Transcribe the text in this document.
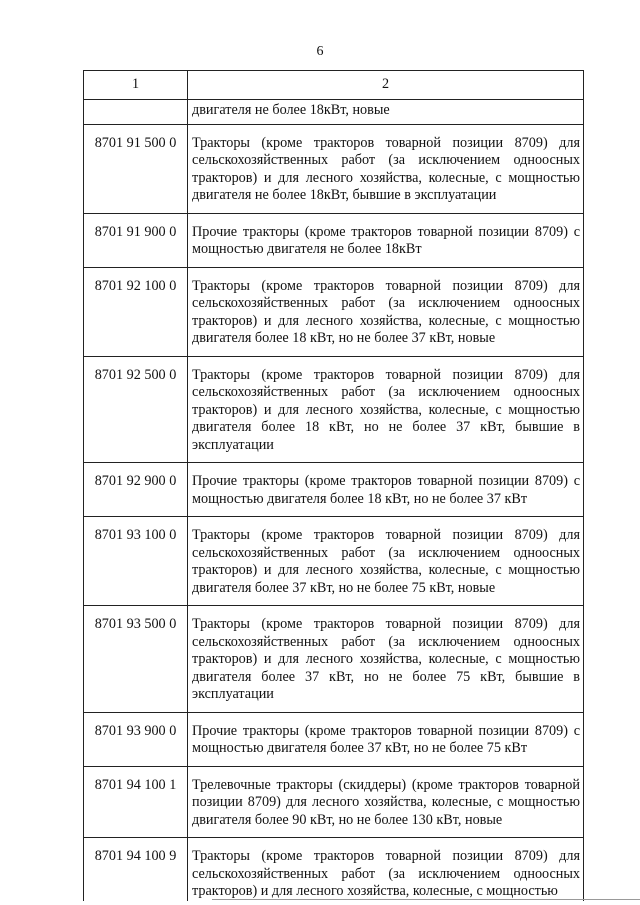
6
1	2
	двигателя не более 18кВт, новые
8701 91 500 0	Тракторы (кроме тракторов товарной позиции 8709) для сельскохозяйственных работ (за исключением одноосных тракторов) и для лесного хозяйства, колесные, с мощностью двигателя не более 18кВт, бывшие в эксплуатации
8701 91 900 0	Прочие тракторы (кроме тракторов товарной позиции 8709) с мощностью двигателя не более 18кВт
8701 92 100 0	Тракторы (кроме тракторов товарной позиции 8709) для сельскохозяйственных работ (за исключением одноосных тракторов) и для лесного хозяйства, колесные, с мощностью двигателя более 18 кВт, но не более 37 кВт, новые
8701 92 500 0	Тракторы (кроме тракторов товарной позиции 8709) для сельскохозяйственных работ (за исключением одноосных тракторов) и для лесного хозяйства, колесные, с мощностью двигателя более 18 кВт, но не более 37 кВт, бывшие в эксплуатации
8701 92 900 0	Прочие тракторы (кроме тракторов товарной позиции 8709) с мощностью двигателя более 18 кВт, но не более 37 кВт
8701 93 100 0	Тракторы (кроме тракторов товарной позиции 8709) для сельскохозяйственных работ (за исключением одноосных тракторов) и для лесного хозяйства, колесные, с мощностью двигателя более 37 кВт, но не более 75 кВт, новые
8701 93 500 0	Тракторы (кроме тракторов товарной позиции 8709) для сельскохозяйственных работ (за исключением одноосных тракторов) и для лесного хозяйства, колесные, с мощностью двигателя более 37 кВт, но не более 75 кВт, бывшие в эксплуатации
8701 93 900 0	Прочие тракторы (кроме тракторов товарной позиции 8709) с мощностью двигателя более 37 кВт, но не более 75 кВт
8701 94 100 1	Трелевочные тракторы (скиддеры) (кроме тракторов товарной позиции 8709) для лесного хозяйства, колесные, с мощностью двигателя более 90 кВт, но не более 130 кВт, новые
8701 94 100 9	Тракторы (кроме тракторов товарной позиции 8709) для сельскохозяйственных работ (за исключением одноосных тракторов) и для лесного хозяйства, колесные, с мощностью
